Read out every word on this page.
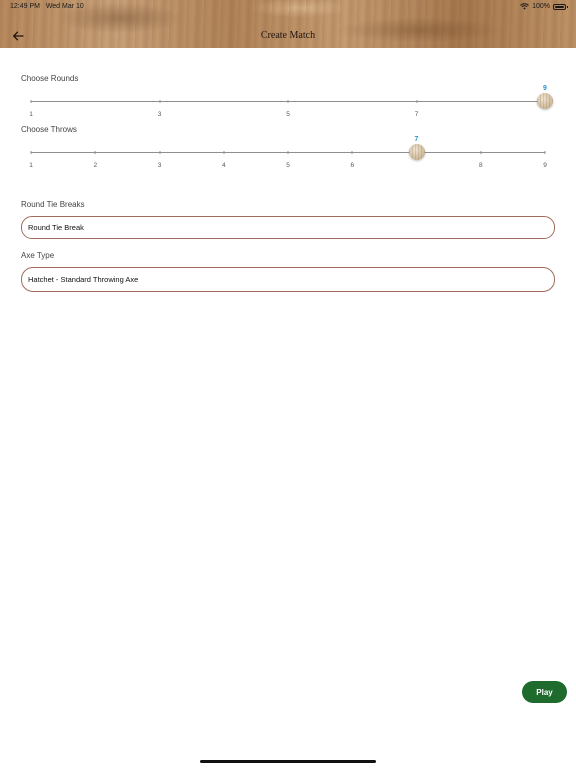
12:49 PM Wed Mar 10	100%
Create Match
Choose Rounds
1	3	5	7
9
Choose Throws
1	2	3	4	5	6	8	9
7
Round Tie Breaks
Round Tie Break
Axe Type
Hatchet - Standard Throwing Axe
Play
